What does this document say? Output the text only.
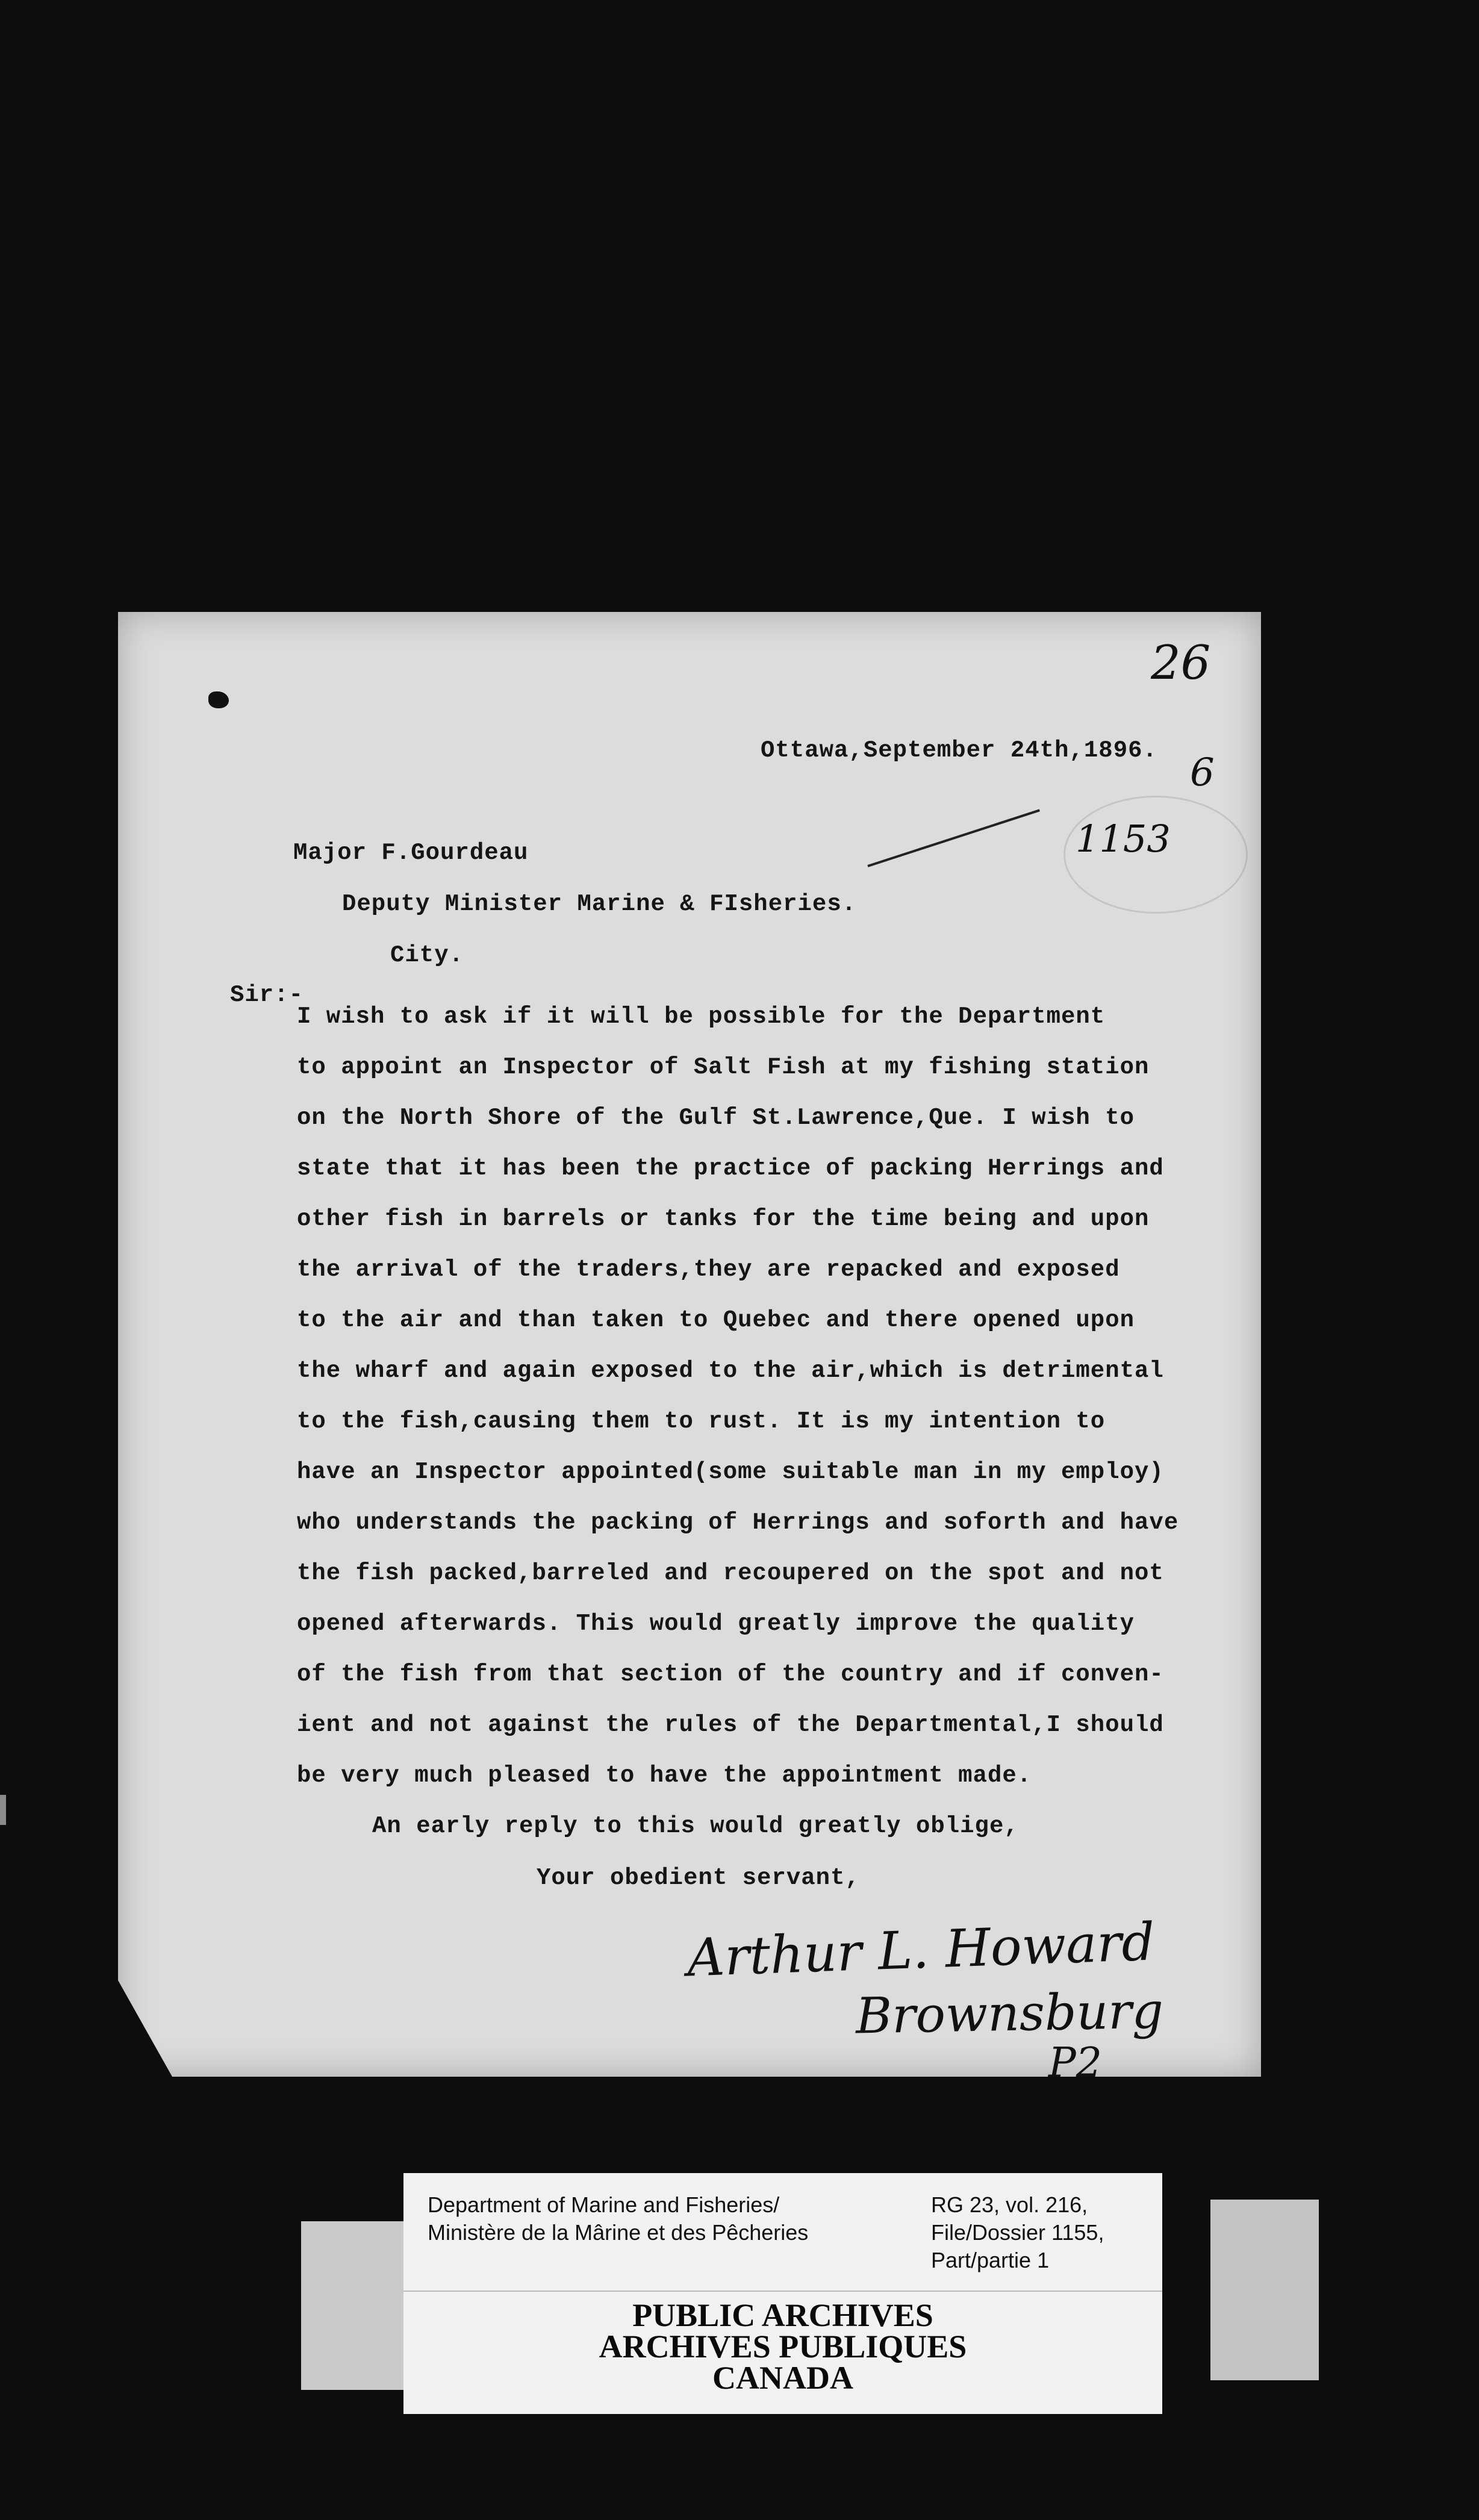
26
Ottawa,September 24th,1896. 6
Major F.Gourdeau	1153
Deputy Minister Marine & FIsheries.
City.
Sir:-
I wish to ask if it will be possible for the Department
to appoint an Inspector of Salt Fish at my fishing station
on the North Shore of the Gulf St.Lawrence,Que. I wish to
state that it has been the practice of packing Herrings and
other fish in barrels or tanks for the time being and upon
the arrival of the traders,they are repacked and exposed
to the air and than taken to Quebec and there opened upon
the wharf and again exposed to the air,which is detrimental
to the fish,causing them to rust. It is my intention to
have an Inspector appointed(some suitable man in my employ)
who understands the packing of Herrings and soforth and have
the fish packed,barreled and recoupered on the spot and not
opened afterwards. This would greatly improve the quality
of the fish from that section of the country and if conven-
ient and not against the rules of the Departmental,I should
be very much pleased to have the appointment made.
An early reply to this would greatly oblige,
Your obedient servant,
Arthur L. Howard
Brownsburg
P2
Department of Marine and Fisheries/
Ministère de la Mârine et des Pêcheries
RG 23, vol. 216,
File/Dossier 1155,
Part/partie 1
PUBLIC ARCHIVES
ARCHIVES PUBLIQUES
CANADA
